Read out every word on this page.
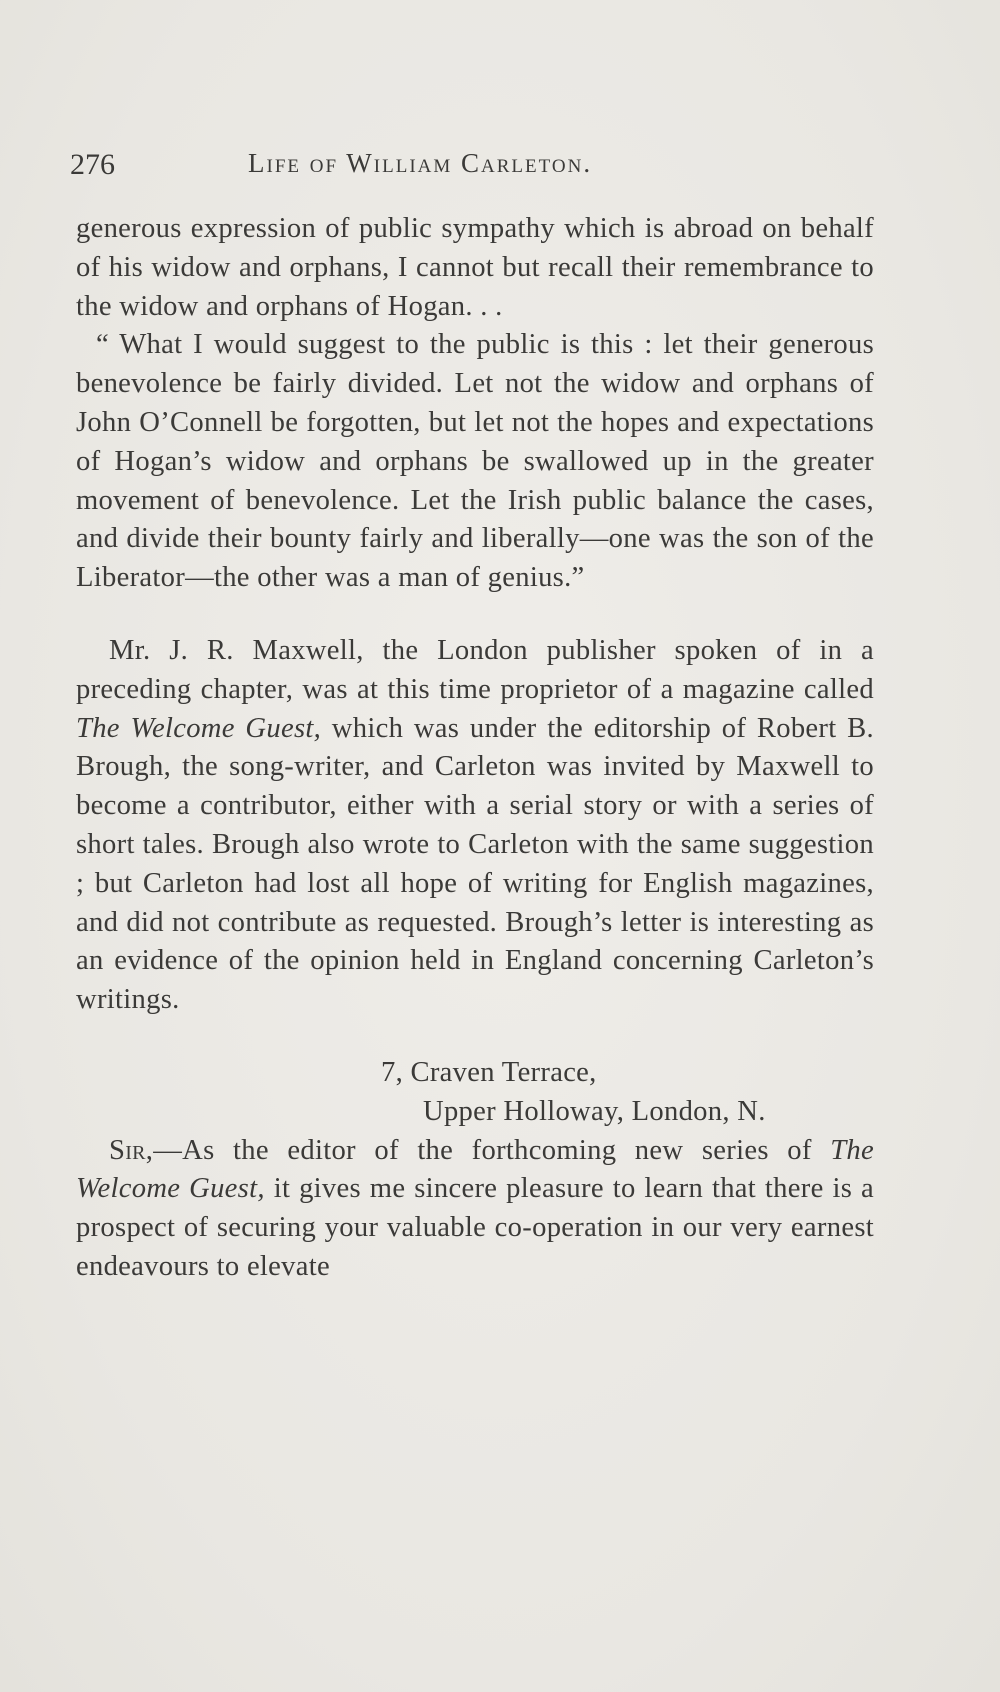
276	Life of William Carleton.

generous expression of public sympathy which is abroad on behalf of his widow and orphans, I cannot but recall their remembrance to the widow and orphans of Hogan. . .

“ What I would suggest to the public is this : let their generous benevolence be fairly divided. Let not the widow and orphans of John O’Connell be forgotten, but let not the hopes and expectations of Hogan’s widow and orphans be swallowed up in the greater movement of benevolence. Let the Irish public balance the cases, and divide their bounty fairly and liberally—one was the son of the Liberator—the other was a man of genius.”

Mr. J. R. Maxwell, the London publisher spoken of in a preceding chapter, was at this time proprietor of a magazine called The Welcome Guest, which was under the editorship of Robert B. Brough, the song-writer, and Carleton was invited by Maxwell to become a contributor, either with a serial story or with a series of short tales. Brough also wrote to Carleton with the same suggestion ; but Carleton had lost all hope of writing for English magazines, and did not contribute as requested. Brough’s letter is interesting as an evidence of the opinion held in England concerning Carleton’s writings.

7, Craven Terrace,
Upper Holloway, London, N.

Sir,—As the editor of the forthcoming new series of The Welcome Guest, it gives me sincere pleasure to learn that there is a prospect of securing your valuable co-operation in our very earnest endeavours to elevate
